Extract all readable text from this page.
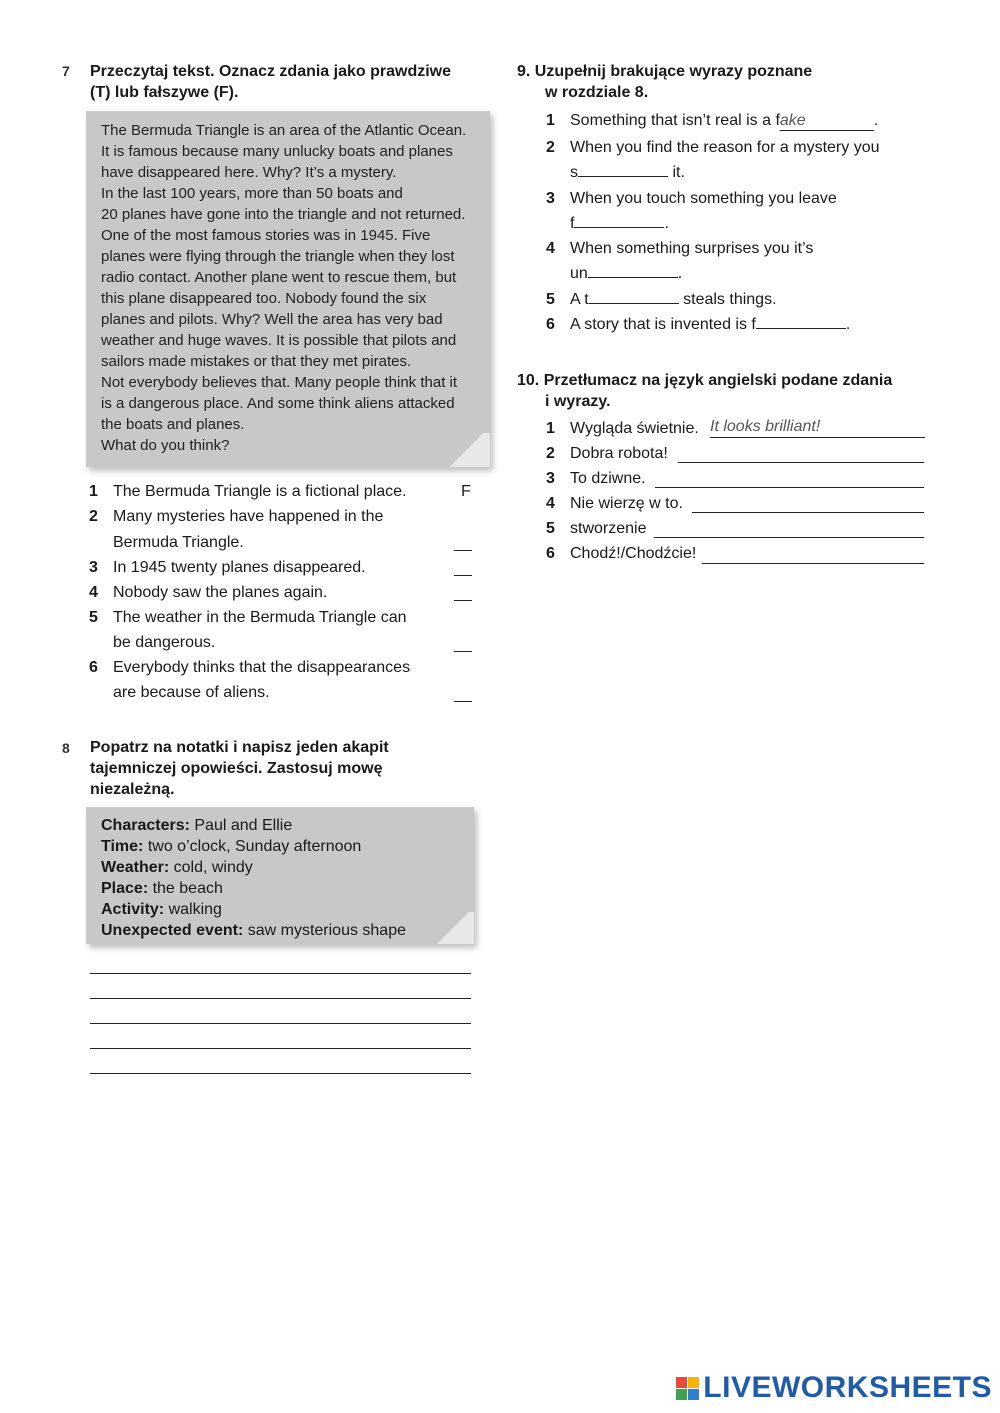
7 Przeczytaj tekst. Oznacz zdania jako prawdziwe
(T) lub fałszywe (F).
The Bermuda Triangle is an area of the Atlantic Ocean.
It is famous because many unlucky boats and planes
have disappeared here. Why? It’s a mystery.
In the last 100 years, more than 50 boats and
20 planes have gone into the triangle and not returned.
One of the most famous stories was in 1945. Five
planes were flying through the triangle when they lost
radio contact. Another plane went to rescue them, but
this plane disappeared too. Nobody found the six
planes and pilots. Why? Well the area has very bad
weather and huge waves. It is possible that pilots and
sailors made mistakes or that they met pirates.
Not everybody believes that. Many people think that it
is a dangerous place. And some think aliens attacked
the boats and planes.
What do you think?
1 The Bermuda Triangle is a fictional place.	F
2 Many mysteries have happened in the
Bermuda Triangle.
3 In 1945 twenty planes disappeared.
4 Nobody saw the planes again.
5 The weather in the Bermuda Triangle can
be dangerous.
6 Everybody thinks that the disappearances
are because of aliens.
8 Popatrz na notatki i napisz jeden akapit
tajemniczej opowieści. Zastosuj mowę
niezależną.
Characters: Paul and Ellie
Time: two o’clock, Sunday afternoon
Weather: cold, windy
Place: the beach
Activity: walking
Unexpected event: saw mysterious shape
9. Uzupełnij brakujące wyrazy poznane
w rozdziale 8.
1 Something that isn’t real is a fake	.
2 When you find the reason for a mystery you
s	it.
3 When you touch something you leave
f	.
4 When something surprises you it’s
un	.
5 A t	steals things.
6 A story that is invented is f	.
10. Przetłumacz na język angielski podane zdania
i wyrazy.
1 Wygląda świetnie. It looks brilliant!
2 Dobra robota!
3 To dziwne.
4 Nie wierzę w to.
5 stworzenie
6 Chodź!/Chodźcie!
LIVEWORKSHEETS
